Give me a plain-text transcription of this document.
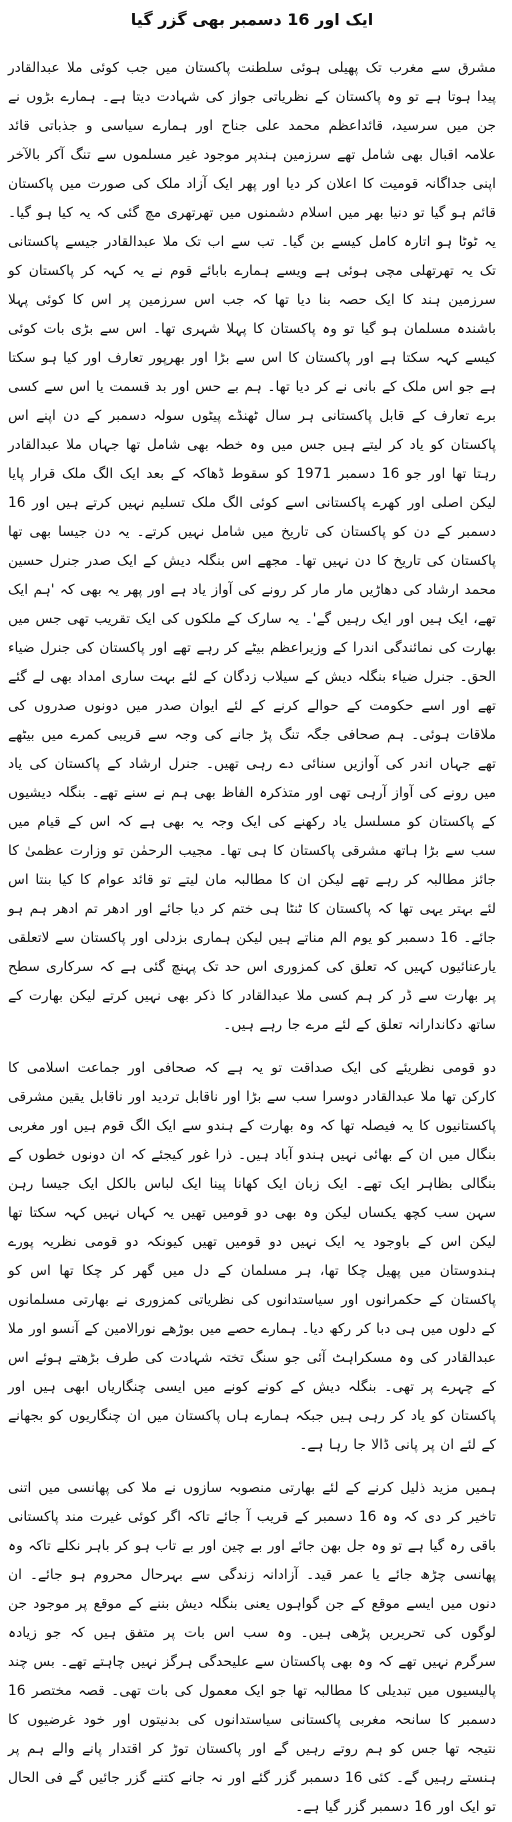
ایک اور 16 دسمبر بھی گزر گیا

مشرق سے مغرب تک پھیلی ہوئی سلطنت پاکستان میں جب کوئی ملا عبدالقادر پیدا ہوتا ہے تو وہ پاکستان کے نظریاتی جواز کی شہادت دیتا ہے۔ ہمارے بڑوں نے جن میں سرسید، قائداعظم محمد علی جناح اور ہمارے سیاسی و جذباتی قائد علامہ اقبال بھی شامل تھے سرزمین ہندپر موجود غیر مسلموں سے تنگ آکر بالآخر اپنی جداگانہ قومیت کا اعلان کر دیا اور پھر ایک آزاد ملک کی صورت میں پاکستان قائم ہو گیا تو دنیا بھر میں اسلام دشمنوں میں تھرتھری مچ گئی کہ یہ کیا ہو گیا۔ یہ ٹوٹا ہو اتارہ کامل کیسے بن گیا۔ تب سے اب تک ملا عبدالقادر جیسے پاکستانی تک یہ تھرتھلی مچی ہوئی ہے ویسے ہمارے بابائے قوم نے یہ کہہ کر پاکستان کو سرزمین ہند کا ایک حصہ بنا دیا تھا کہ جب اس سرزمین پر اس کا کوئی پہلا باشندہ مسلمان ہو گیا تو وہ پاکستان کا پہلا شہری تھا۔ اس سے بڑی بات کوئی کیسے کہہ سکتا ہے اور پاکستان کا اس سے بڑا اور بھرپور تعارف اور کیا ہو سکتا ہے جو اس ملک کے بانی نے کر دیا تھا۔ ہم بے حس اور بد قسمت یا اس سے کسی برے تعارف کے قابل پاکستانی ہر سال ٹھنڈے پیٹوں سولہ دسمبر کے دن اپنے اس پاکستان کو یاد کر لیتے ہیں جس میں وہ خطہ بھی شامل تھا جہاں ملا عبدالقادر رہتا تھا اور جو 16 دسمبر 1971 کو سقوط ڈھاکہ کے بعد ایک الگ ملک قرار پایا لیکن اصلی اور کھرے پاکستانی اسے کوئی الگ ملک تسلیم نہیں کرتے ہیں اور 16 دسمبر کے دن کو پاکستان کی تاریخ میں شامل نہیں کرتے۔ یہ دن جیسا بھی تھا پاکستان کی تاریخ کا دن نہیں تھا۔ مجھے اس بنگلہ دیش کے ایک صدر جنرل حسین محمد ارشاد کی دھاڑیں مار مار کر رونے کی آواز یاد ہے اور پھر یہ بھی کہ 'ہم ایک تھے، ایک ہیں اور ایک رہیں گے'۔ یہ سارک کے ملکوں کی ایک تقریب تھی جس میں بھارت کی نمائندگی اندرا کے وزیراعظم بیٹے کر رہے تھے اور پاکستان کی جنرل ضیاء الحق۔ جنرل ضیاء بنگلہ دیش کے سیلاب زدگان کے لئے بہت ساری امداد بھی لے گئے تھے اور اسے حکومت کے حوالے کرنے کے لئے ایوان صدر میں دونوں صدروں کی ملاقات ہوئی۔ ہم صحافی جگہ تنگ پڑ جانے کی وجہ سے قریبی کمرے میں بیٹھے تھے جہاں اندر کی آوازیں سنائی دے رہی تھیں۔ جنرل ارشاد کے پاکستان کی یاد میں رونے کی آواز آرہی تھی اور متذکرہ الفاظ بھی ہم نے سنے تھے۔ بنگلہ دیشیوں کے پاکستان کو مسلسل یاد رکھنے کی ایک وجہ یہ بھی ہے کہ اس کے قیام میں سب سے بڑا ہاتھ مشرقی پاکستان کا ہی تھا۔ مجیب الرحمٰن تو وزارت عظمیٰ کا جائز مطالبہ کر رہے تھے لیکن ان کا مطالبہ مان لیتے تو قائد عوام کا کیا بنتا اس لئے بہتر یہی تھا کہ پاکستان کا ٹنٹا ہی ختم کر دیا جائے اور ادھر تم ادھر ہم ہو جائے۔ 16 دسمبر کو یوم الم مناتے ہیں لیکن ہماری بزدلی اور پاکستان سے لاتعلقی یارعنائیوں کہیں کہ تعلق کی کمزوری اس حد تک پہنچ گئی ہے کہ سرکاری سطح پر بھارت سے ڈر کر ہم کسی ملا عبدالقادر کا ذکر بھی نہیں کرتے لیکن بھارت کے ساتھ دکاندارانہ تعلق کے لئے مرے جا رہے ہیں۔

دو قومی نظریئے کی ایک صداقت تو یہ ہے کہ صحافی اور جماعت اسلامی کا کارکن تھا ملا عبدالقادر دوسرا سب سے بڑا اور ناقابل تردید اور ناقابل یقین مشرقی پاکستانیوں کا یہ فیصلہ تھا کہ وہ بھارت کے ہندو سے ایک الگ قوم ہیں اور مغربی بنگال میں ان کے بھائی نہیں ہندو آباد ہیں۔ ذرا غور کیجئے کہ ان دونوں خطوں کے بنگالی بظاہر ایک تھے۔ ایک زبان ایک کھانا پینا ایک لباس بالکل ایک جیسا رہن سہن سب کچھ یکساں لیکن وہ بھی دو قومیں تھیں یہ کہاں نہیں کہہ سکتا تھا لیکن اس کے باوجود یہ ایک نہیں دو قومیں تھیں کیونکہ دو قومی نظریہ پورے ہندوستان میں پھیل چکا تھا، ہر مسلمان کے دل میں گھر کر چکا تھا اس کو پاکستان کے حکمرانوں اور سیاستدانوں کی نظریاتی کمزوری نے بھارتی مسلمانوں کے دلوں میں ہی دبا کر رکھ دیا۔ ہمارے حصے میں بوڑھے نورالامین کے آنسو اور ملا عبدالقادر کی وہ مسکراہٹ آئی جو سنگ تختہ شہادت کی طرف بڑھتے ہوئے اس کے چہرے پر تھی۔ بنگلہ دیش کے کونے کونے میں ایسی چنگاریاں ابھی ہیں اور پاکستان کو یاد کر رہی ہیں جبکہ ہمارے ہاں پاکستان میں ان چنگاریوں کو بجھانے کے لئے ان پر پانی ڈالا جا رہا ہے۔

ہمیں مزید ذلیل کرنے کے لئے بھارتی منصوبہ سازوں نے ملا کی پھانسی میں اتنی تاخیر کر دی کہ وہ 16 دسمبر کے قریب آ جائے تاکہ اگر کوئی غیرت مند پاکستانی باقی رہ گیا ہے تو وہ جل بھن جائے اور بے چین اور بے تاب ہو کر باہر نکلے تاکہ وہ پھانسی چڑھ جائے یا عمر قید۔ آزادانہ زندگی سے بہرحال محروم ہو جائے۔ ان دنوں میں ایسے موقع کے جن گواہوں یعنی بنگلہ دیش بننے کے موقع پر موجود جن لوگوں کی تحریریں پڑھی ہیں۔ وہ سب اس بات پر متفق ہیں کہ جو زیادہ سرگرم نہیں تھے کہ وہ بھی پاکستان سے علیحدگی ہرگز نہیں چاہتے تھے۔ بس چند پالیسیوں میں تبدیلی کا مطالبہ تھا جو ایک معمول کی بات تھی۔ قصہ مختصر 16 دسمبر کا سانحہ مغربی پاکستانی سیاستدانوں کی بدنیتوں اور خود غرضیوں کا نتیجہ تھا جس کو ہم روتے رہیں گے اور پاکستان توڑ کر اقتدار پانے والے ہم پر ہنستے رہیں گے۔ کئی 16 دسمبر گزر گئے اور نہ جانے کتنے گزر جائیں گے فی الحال تو ایک اور 16 دسمبر گزر گیا ہے۔
